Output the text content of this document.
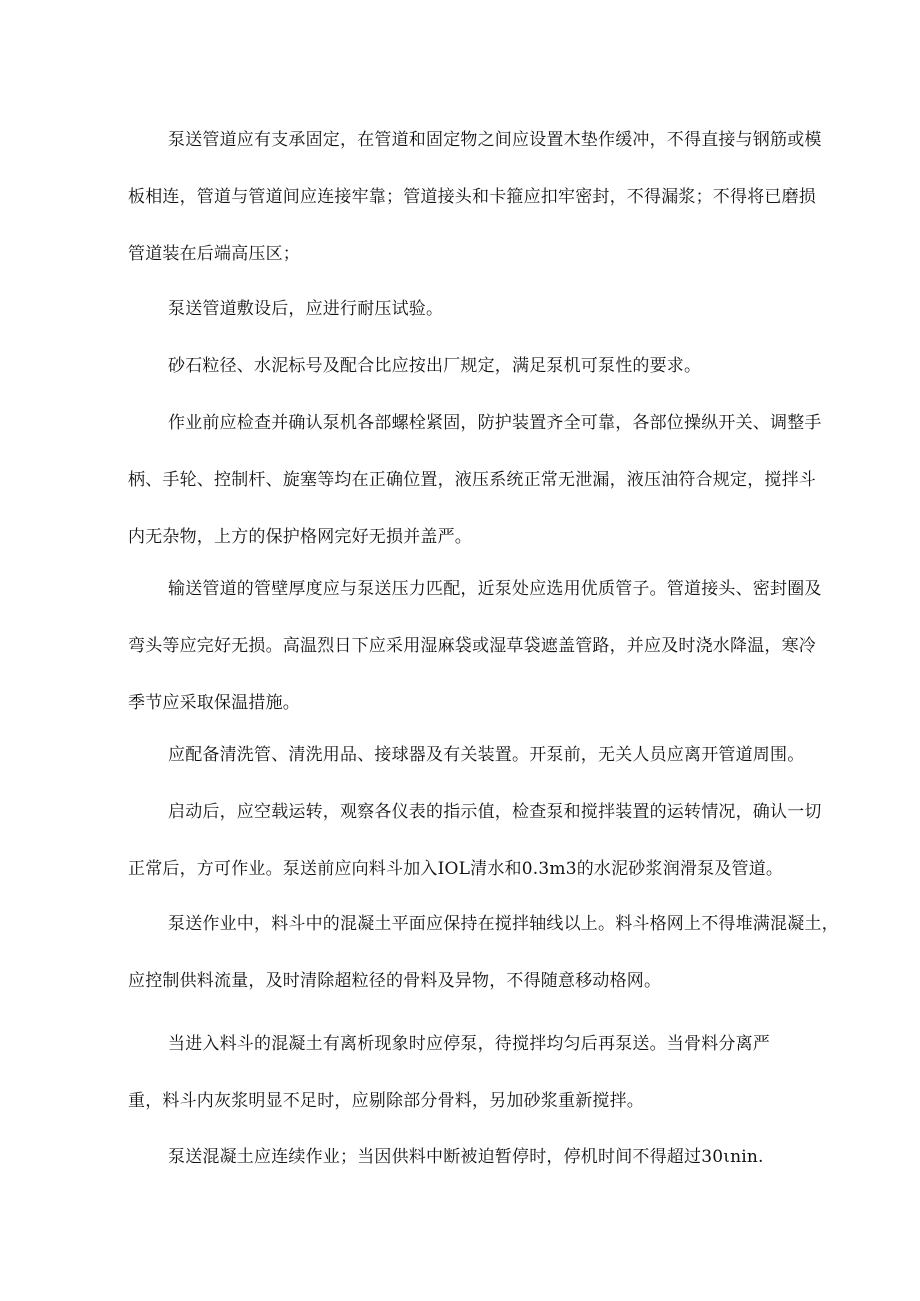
泵送管道应有支承固定，在管道和固定物之间应设置木垫作缓冲，不得直接与钢筋或模
板相连，管道与管道间应连接牢靠；管道接头和卡箍应扣牢密封，不得漏浆；不得将已磨损
管道装在后端高压区；
泵送管道敷设后，应进行耐压试验。
砂石粒径、水泥标号及配合比应按出厂规定，满足泵机可泵性的要求。
作业前应检查并确认泵机各部螺栓紧固，防护装置齐全可靠，各部位操纵开关、调整手
柄、手轮、控制杆、旋塞等均在正确位置，液压系统正常无泄漏，液压油符合规定，搅拌斗
内无杂物，上方的保护格网完好无损并盖严。
输送管道的管壁厚度应与泵送压力匹配，近泵处应选用优质管子。管道接头、密封圈及
弯头等应完好无损。高温烈日下应采用湿麻袋或湿草袋遮盖管路，并应及时浇水降温，寒冷
季节应采取保温措施。
应配备清洗管、清洗用品、接球器及有关装置。开泵前，无关人员应离开管道周围。
启动后，应空载运转，观察各仪表的指示值，检查泵和搅拌装置的运转情况，确认一切
正常后，方可作业。泵送前应向料斗加入IOL清水和0.3m3的水泥砂浆润滑泵及管道。
泵送作业中，料斗中的混凝土平面应保持在搅拌轴线以上。料斗格网上不得堆满混凝土，
应控制供料流量，及时清除超粒径的骨料及异物，不得随意移动格网。
当进入料斗的混凝土有离析现象时应停泵，待搅拌均匀后再泵送。当骨料分离严
重，料斗内灰浆明显不足时，应剔除部分骨料，另加砂浆重新搅拌。
泵送混凝土应连续作业；当因供料中断被迫暂停时，停机时间不得超过30ιnin.
